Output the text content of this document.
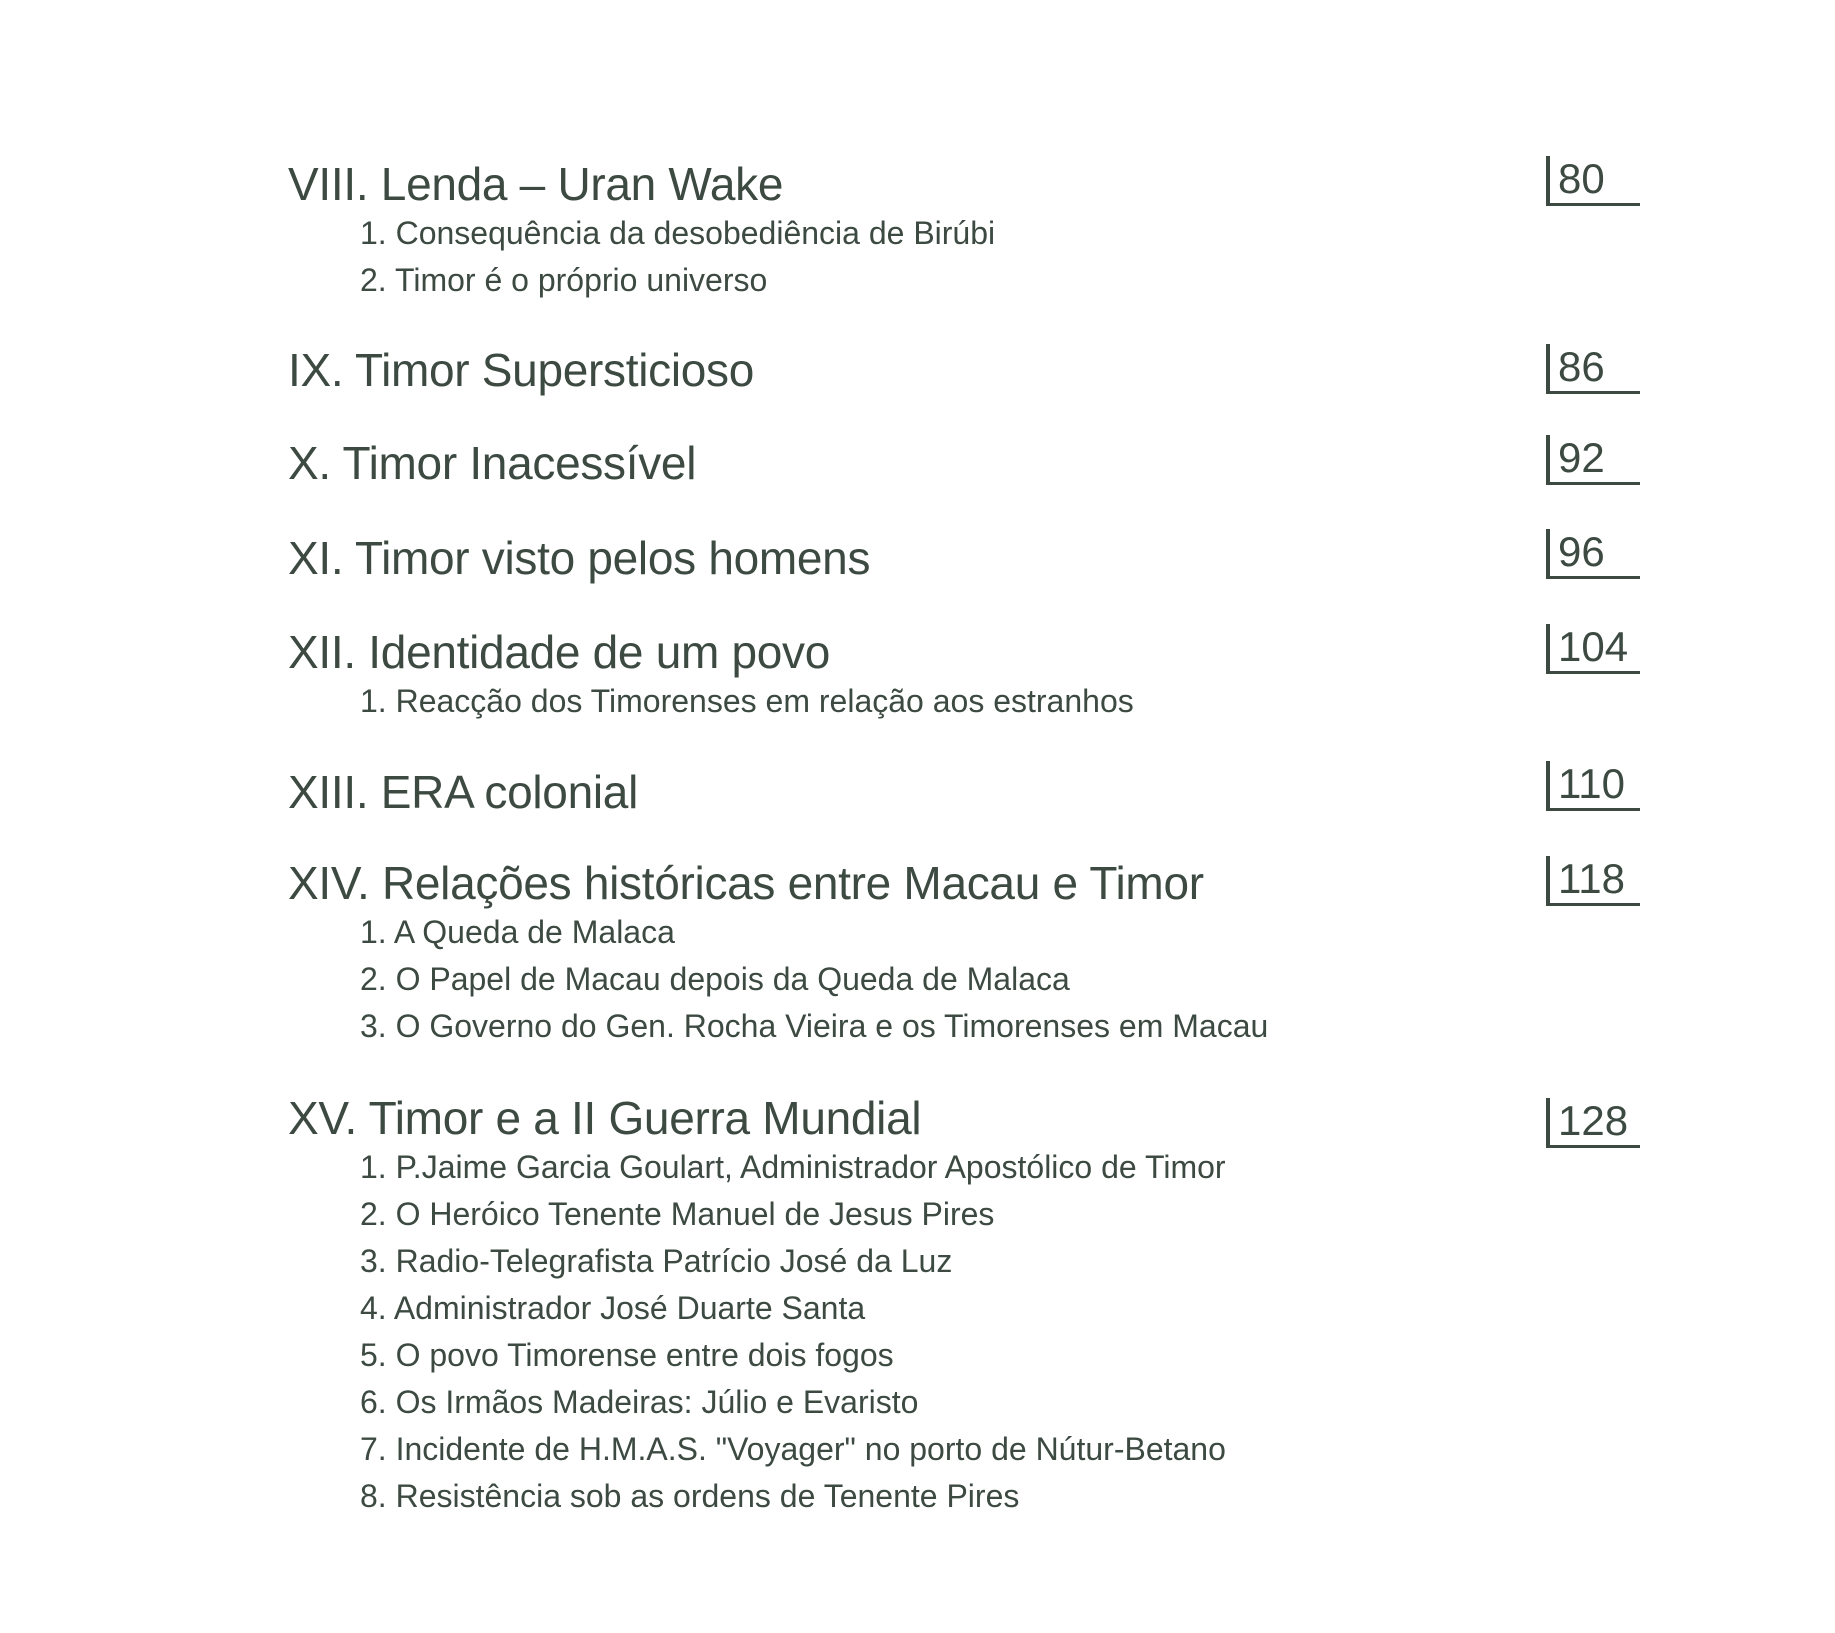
VIII. Lenda – Uran Wake	80
1. Consequência da desobediência de Birúbi
2. Timor é o próprio universo
IX. Timor Supersticioso	86
X. Timor Inacessível	92
XI. Timor visto pelos homens	96
XII. Identidade de um povo	104
1. Reacção dos Timorenses em relação aos estranhos
XIII. ERA colonial	110
XIV. Relações históricas entre Macau e Timor	118
1. A Queda de Malaca
2. O Papel de Macau depois da Queda de Malaca
3. O Governo do Gen. Rocha Vieira e os Timorenses em Macau
XV. Timor e a II Guerra Mundial	128
1. P.Jaime Garcia Goulart, Administrador Apostólico de Timor
2. O Heróico Tenente Manuel de Jesus Pires
3. Radio-Telegrafista Patrício José da Luz
4. Administrador José Duarte Santa
5. O povo Timorense entre dois fogos
6. Os Irmãos Madeiras: Júlio e Evaristo
7. Incidente de H.M.A.S. "Voyager" no porto de Nútur-Betano
8. Resistência sob as ordens de Tenente Pires
